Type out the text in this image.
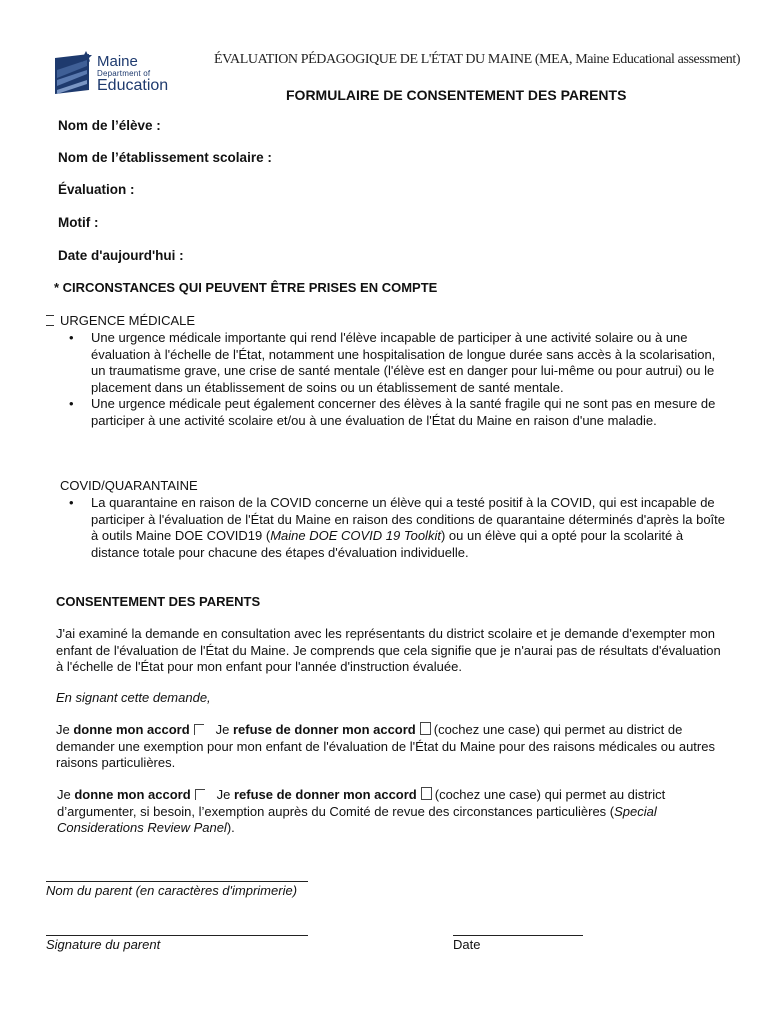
Maine
Department of
Education
ÉVALUATION PÉDAGOGIQUE DE L'ÉTAT DU MAINE (MEA, Maine Educational assessment)
FORMULAIRE DE CONSENTEMENT DES PARENTS
Nom de l’élève :
Nom de l’établissement scolaire :
Évaluation :
Motif :
Date d'aujourd'hui :
* CIRCONSTANCES QUI PEUVENT ÊTRE PRISES EN COMPTE
URGENCE MÉDICALE
• Une urgence médicale importante qui rend l'élève incapable de participer à une activité solaire ou à une évaluation à l'échelle de l'État, notamment une hospitalisation de longue durée sans accès à la scolarisation, un traumatisme grave, une crise de santé mentale (l'élève est en danger pour lui-même ou pour autrui) ou le placement dans un établissement de soins ou un établissement de santé mentale.
• Une urgence médicale peut également concerner des élèves à la santé fragile qui ne sont pas en mesure de participer à une activité scolaire et/ou à une évaluation de l'État du Maine en raison d'une maladie.
COVID/QUARANTAINE
• La quarantaine en raison de la COVID concerne un élève qui a testé positif à la COVID, qui est incapable de participer à l'évaluation de l'État du Maine en raison des conditions de quarantaine déterminés d'après la boîte à outils Maine DOE COVID19 (Maine DOE COVID 19 Toolkit) ou un élève qui a opté pour la scolarité à distance totale pour chacune des étapes d'évaluation individuelle.
CONSENTEMENT DES PARENTS
J'ai examiné la demande en consultation avec les représentants du district scolaire et je demande d'exempter mon enfant de l'évaluation de l'État du Maine. Je comprends que cela signifie que je n'aurai pas de résultats d'évaluation à l'échelle de l'État pour mon enfant pour l'année d'instruction évaluée.
En signant cette demande,
Je donne mon accord Je refuse de donner mon accord (cochez une case) qui permet au district de demander une exemption pour mon enfant de l'évaluation de l'État du Maine pour des raisons médicales ou autres raisons particulières.
Je donne mon accord Je refuse de donner mon accord (cochez une case) qui permet au district d’argumenter, si besoin, l’exemption auprès du Comité de revue des circonstances particulières (Special Considerations Review Panel).
Nom du parent (en caractères d'imprimerie)
Signature du parent	Date
